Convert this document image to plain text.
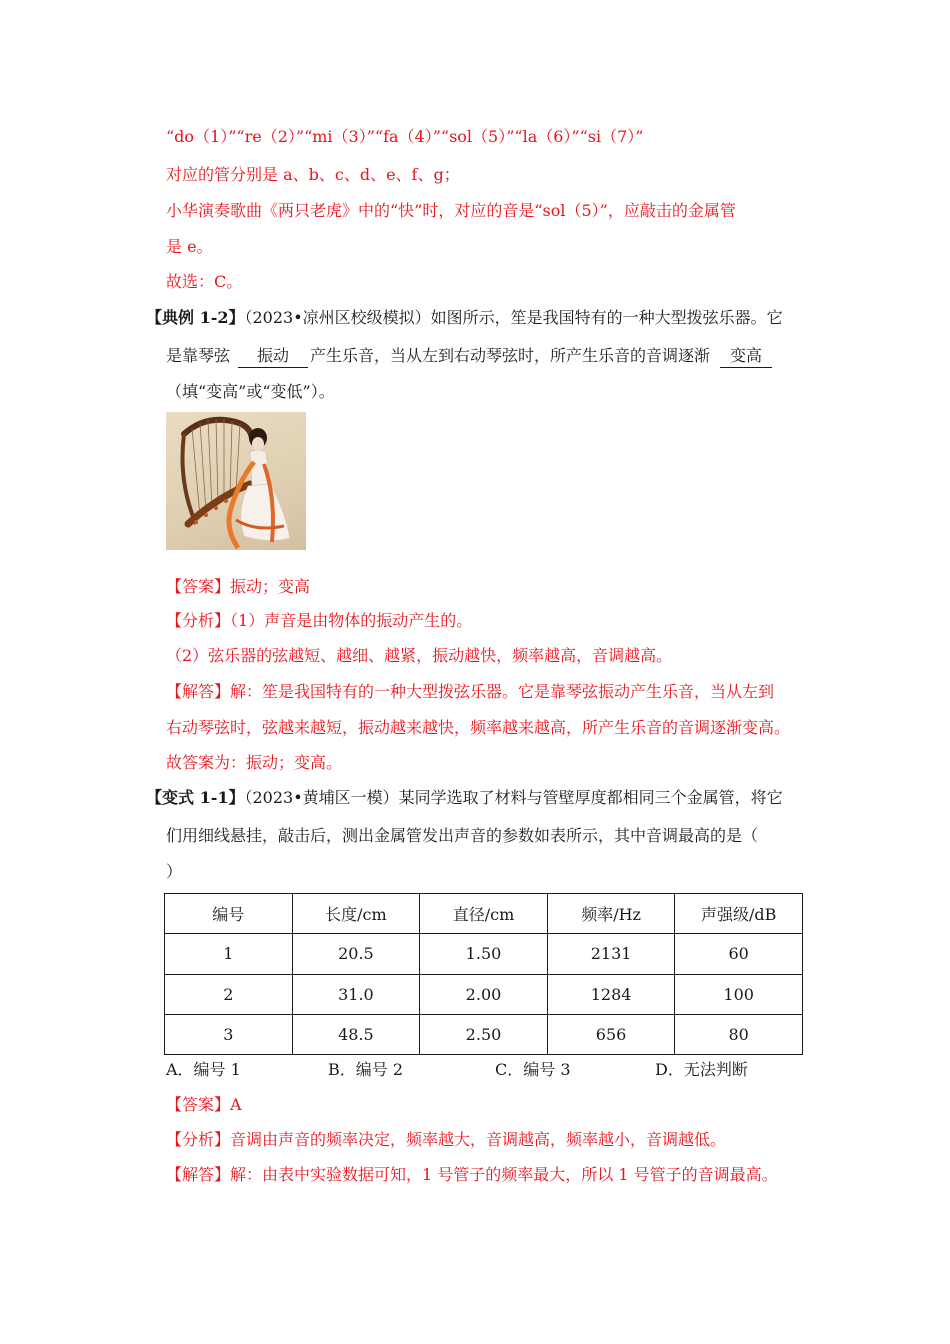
“do（1）”“re（2）”“mi（3）”“fa（4）”“sol（5）”“la（6）”“si（7）”
对应的管分别是 a、b、c、d、e、f、g；
小华演奏歌曲《两只老虎》中的“快”时，对应的音是“sol（5）”，应敲击的金属管
是 e。
故选：C。
【典例 1-2】（2023•凉州区校级模拟）如图所示，笙是我国特有的一种大型拨弦乐器。它
是靠琴弦 振动 产生乐音，当从左到右动琴弦时，所产生乐音的音调逐渐 变高
（填“变高”或“变低”）。
【答案】振动；变高
【分析】（1）声音是由物体的振动产生的。
（2）弦乐器的弦越短、越细、越紧，振动越快，频率越高，音调越高。
【解答】解：笙是我国特有的一种大型拨弦乐器。它是靠琴弦振动产生乐音，当从左到
右动琴弦时，弦越来越短，振动越来越快，频率越来越高，所产生乐音的音调逐渐变高。
故答案为：振动；变高。
【变式 1-1】（2023•黄埔区一模）某同学选取了材料与管壁厚度都相同三个金属管，将它
们用细线悬挂，敲击后，测出金属管发出声音的参数如表所示，其中音调最高的是（
）
编号	长度/cm	直径/cm	频率/Hz	声强级/dB
1	20.5	1.50	2131	60
2	31.0	2.00	1284	100
3	48.5	2.50	656	80
A．编号 1	B．编号 2	C．编号 3	D．无法判断
【答案】A
【分析】音调由声音的频率决定，频率越大，音调越高，频率越小，音调越低。
【解答】解：由表中实验数据可知，1 号管子的频率最大，所以 1 号管子的音调最高。
